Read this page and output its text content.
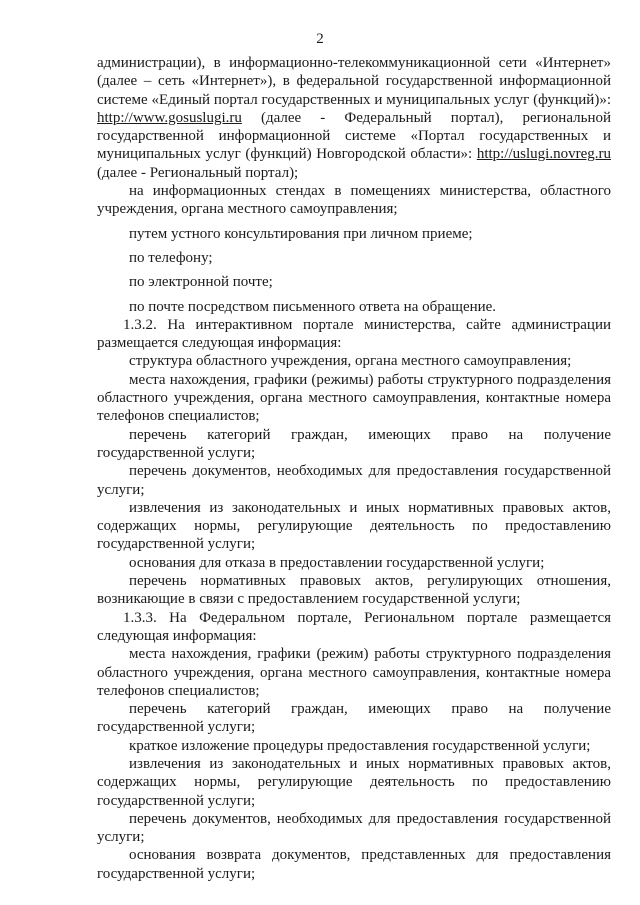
2

администрации), в информационно-телекоммуникационной сети «Интернет» (далее – сеть «Интернет»), в федеральной государственной информационной системе «Единый портал государственных и муниципальных услуг (функций)»: http://www.gosuslugi.ru (далее - Федеральный портал), региональной государственной информационной системе «Портал государственных и муниципальных услуг (функций) Новгородской области»: http://uslugi.novreg.ru (далее - Региональный портал);

на информационных стендах в помещениях министерства, областного учреждения, органа местного самоуправления;

путем устного консультирования при личном приеме;

по телефону;

по электронной почте;

по почте посредством письменного ответа на обращение.

1.3.2. На интерактивном портале министерства, сайте администрации размещается следующая информация:

структура областного учреждения, органа местного самоуправления;

места нахождения, графики (режимы) работы структурного подразделения областного учреждения, органа местного самоуправления, контактные номера телефонов специалистов;

перечень категорий граждан, имеющих право на получение государственной услуги;

перечень документов, необходимых для предоставления государственной услуги;

извлечения из законодательных и иных нормативных правовых актов, содержащих нормы, регулирующие деятельность по предоставлению государственной услуги;

основания для отказа в предоставлении государственной услуги;

перечень нормативных правовых актов, регулирующих отношения, возникающие в связи с предоставлением государственной услуги;

1.3.3. На Федеральном портале, Региональном портале размещается следующая информация:

места нахождения, графики (режим) работы структурного подразделения областного учреждения, органа местного самоуправления, контактные номера телефонов специалистов;

перечень категорий граждан, имеющих право на получение государственной услуги;

краткое изложение процедуры предоставления государственной услуги;

извлечения из законодательных и иных нормативных правовых актов, содержащих нормы, регулирующие деятельность по предоставлению государственной услуги;

перечень документов, необходимых для предоставления государственной услуги;

основания возврата документов, представленных для предоставления государственной услуги;
